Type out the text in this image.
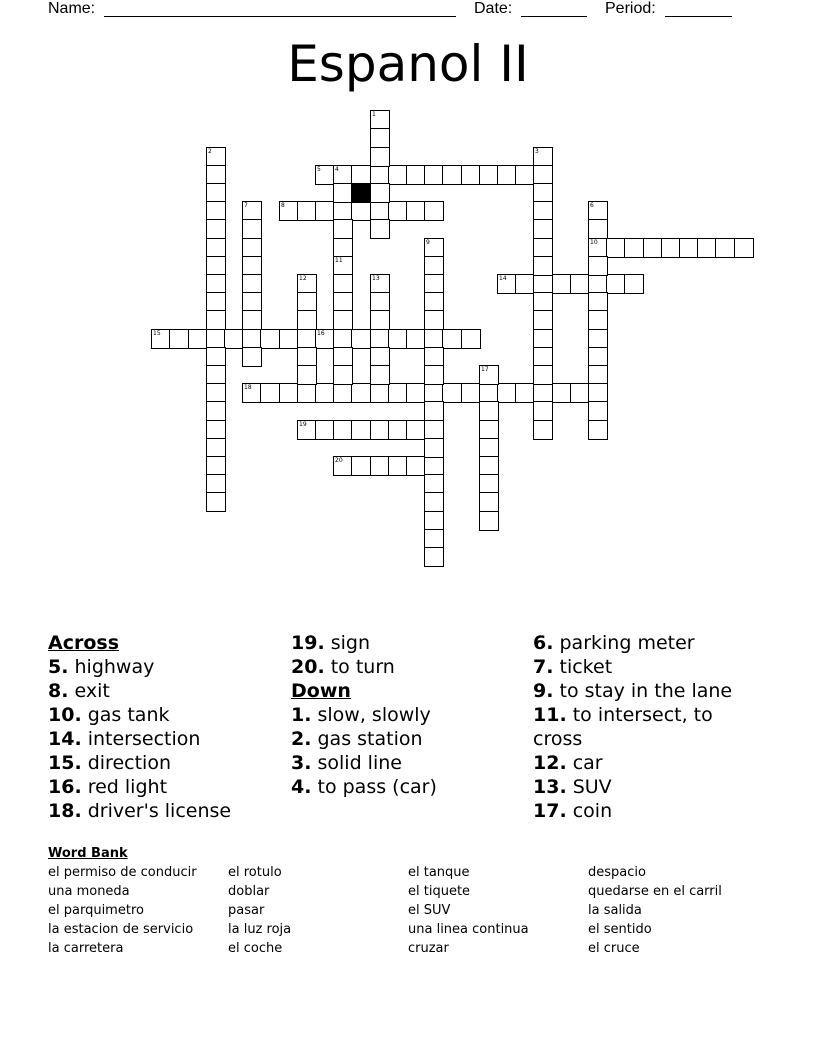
Name:	Date:	Period:
Espanol II
5 4
8
10
14
15	16
18
19
20
1
2	3
6
7
9
11
12	13
17
Across
5. highway
8. exit
10. gas tank
14. intersection
15. direction
16. red light
18. driver's license
19. sign
20. to turn
Down
1. slow, slowly
2. gas station
3. solid line
4. to pass (car)
6. parking meter
7. ticket
9. to stay in the lane
11. to intersect, to cross
12. car
13. SUV
17. coin
Word Bank
el permiso de conducir
una moneda
el parquimetro
la estacion de servicio
la carretera
el rotulo
doblar
pasar
la luz roja
el coche
el tanque
el tiquete
el SUV
una linea continua
cruzar
despacio
quedarse en el carril
la salida
el sentido
el cruce
